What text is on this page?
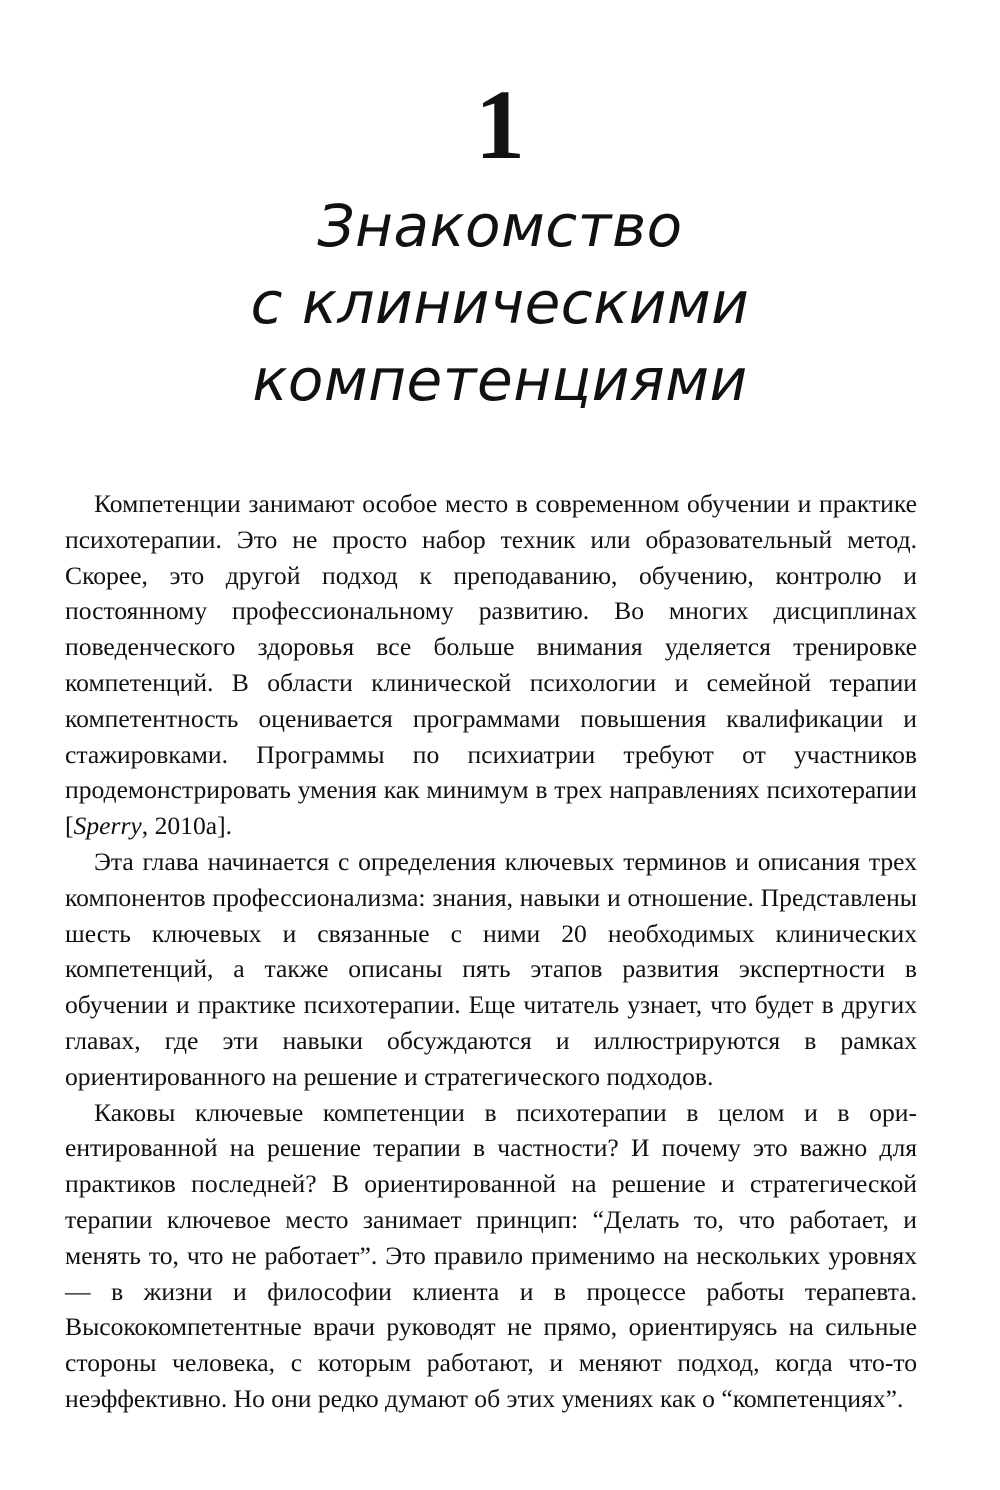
1
Знакомство
с клиническими
компетенциями

Компетенции занимают особое место в современном обучении и практике психотерапии. Это не просто набор техник или образовательный метод. Скорее, это другой подход к преподаванию, обучению, контролю и постоянному профессиональному развитию. Во многих дисциплинах поведенческого здоровья все больше внимания уделяется тренировке компетенций. В области клинической психологии и семейной терапии компетентность оценивается программами повышения квалификации и стажировками. Программы по психиатрии требуют от участников продемонстрировать умения как минимум в трех направлениях психотерапии [Sperry, 2010а].

Эта глава начинается с определения ключевых терминов и описания трех компонентов профессионализма: знания, навыки и отношение. Представлены шесть ключевых и связанные с ними 20 необходимых клинических компетенций, а также описаны пять этапов развития экспертности в обучении и практике психотерапии. Еще читатель узнает, что будет в других главах, где эти навыки обсуждаются и иллюстрируются в рамках ориентированного на решение и стратегического подходов.

Каковы ключевые компетенции в психотерапии в целом и в ориентированной на решение терапии в частности? И почему это важно для практиков последней? В ориентированной на решение и стратегической терапии ключевое место занимает принцип: “Делать то, что работает, и менять то, что не работает”. Это правило применимо на нескольких уровнях — в жизни и философии клиента и в процессе работы терапевта. Высококомпетентные врачи руководят не прямо, ориентируясь на сильные стороны человека, с которым работают, и меняют подход, когда что-то неэффективно. Но они редко думают об этих умениях как о “компетенциях”.
